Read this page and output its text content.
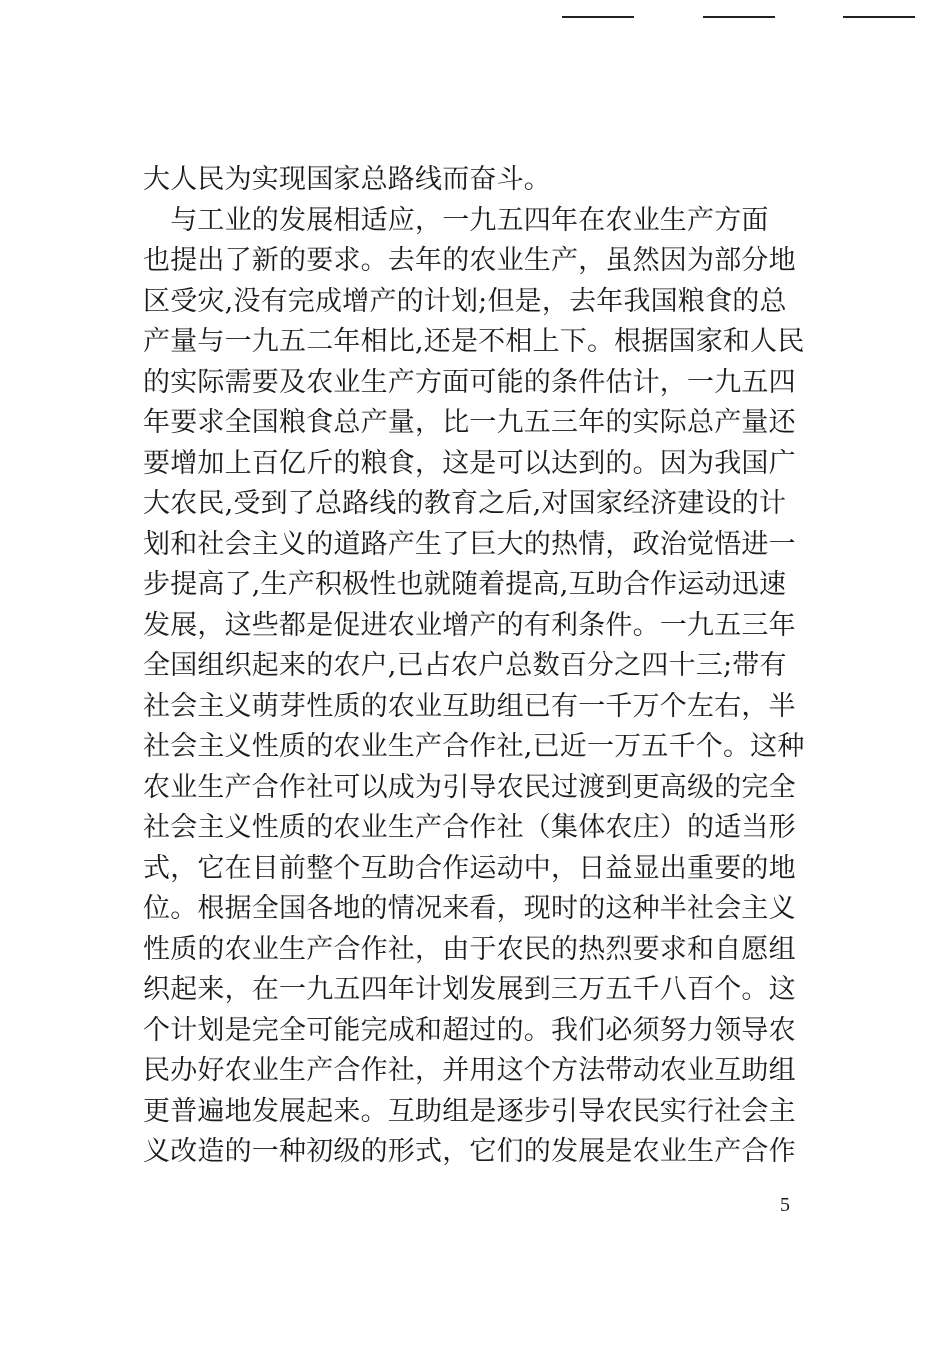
大人民为实现国家总路线而奋斗。
　与工业的发展相适应，一九五四年在农业生产方面
也提出了新的要求。去年的农业生产，虽然因为部分地
区受灾,没有完成增产的计划;但是，去年我国粮食的总
产量与一九五二年相比,还是不相上下。根据国家和人民
的实际需要及农业生产方面可能的条件估计，一九五四
年要求全国粮食总产量，比一九五三年的实际总产量还
要增加上百亿斤的粮食，这是可以达到的。因为我国广
大农民,受到了总路线的教育之后,对国家经济建设的计
划和社会主义的道路产生了巨大的热情，政治觉悟进一
步提高了,生产积极性也就随着提高,互助合作运动迅速
发展，这些都是促进农业增产的有利条件。一九五三年
全国组织起来的农户,已占农户总数百分之四十三;带有
社会主义萌芽性质的农业互助组已有一千万个左右，半
社会主义性质的农业生产合作社,已近一万五千个。这种
农业生产合作社可以成为引导农民过渡到更高级的完全
社会主义性质的农业生产合作社（集体农庄）的适当形
式，它在目前整个互助合作运动中，日益显出重要的地
位。根据全国各地的情况来看，现时的这种半社会主义
性质的农业生产合作社，由于农民的热烈要求和自愿组
织起来，在一九五四年计划发展到三万五千八百个。这
个计划是完全可能完成和超过的。我们必须努力领导农
民办好农业生产合作社，并用这个方法带动农业互助组
更普遍地发展起来。互助组是逐步引导农民实行社会主
义改造的一种初级的形式，它们的发展是农业生产合作
5
